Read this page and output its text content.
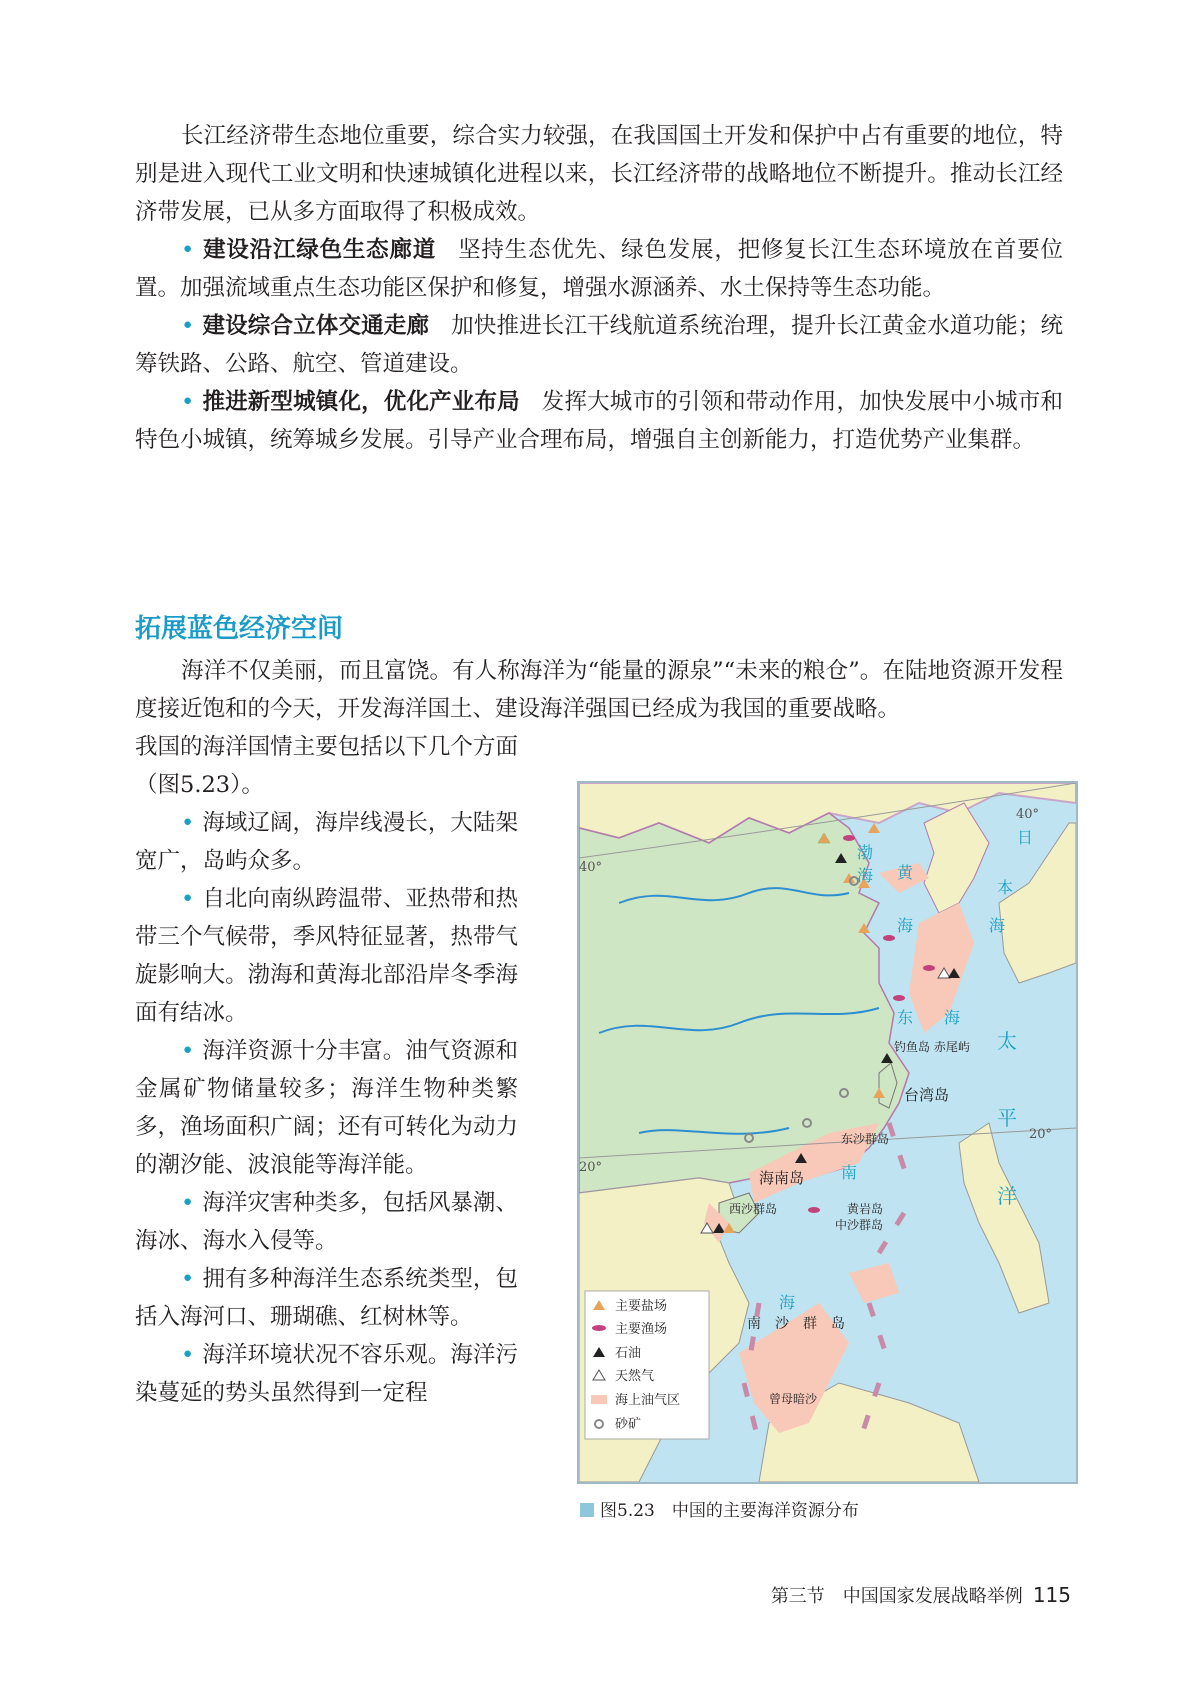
长江经济带生态地位重要，综合实力较强，在我国国土开发和保护中占有重要的地位，特别是进入现代工业文明和快速城镇化进程以来，长江经济带的战略地位不断提升。推动长江经济带发展，已从多方面取得了积极成效。

• 建设沿江绿色生态廊道 坚持生态优先、绿色发展，把修复长江生态环境放在首要位置。加强流域重点生态功能区保护和修复，增强水源涵养、水土保持等生态功能。

• 建设综合立体交通走廊 加快推进长江干线航道系统治理，提升长江黄金水道功能；统筹铁路、公路、航空、管道建设。

• 推进新型城镇化，优化产业布局 发挥大城市的引领和带动作用，加快发展中小城市和特色小城镇，统筹城乡发展。引导产业合理布局，增强自主创新能力，打造优势产业集群。

拓展蓝色经济空间

海洋不仅美丽，而且富饶。有人称海洋为“能量的源泉”“未来的粮仓”。在陆地资源开发程度接近饱和的今天，开发海洋国土、建设海洋强国已经成为我国的重要战略。

我国的海洋国情主要包括以下几个方面（图5.23）。

• 海域辽阔，海岸线漫长，大陆架宽广，岛屿众多。

• 自北向南纵跨温带、亚热带和热带三个气候带，季风特征显著，热带气旋影响大。渤海和黄海北部沿岸冬季海面有结冰。

• 海洋资源十分丰富。油气资源和金属矿物储量较多；海洋生物种类繁多，渔场面积广阔；还有可转化为动力的潮汐能、波浪能等海洋能。

• 海洋灾害种类多，包括风暴潮、海冰、海水入侵等。

• 拥有多种海洋生态系统类型，包括入海河口、珊瑚礁、红树林等。

• 海洋环境状况不容乐观。海洋污染蔓延的势头虽然得到一定程

40°
40°
20°
20°
渤
海 黄
海
东 海
南
海
日
本
海
太
平
洋
钓鱼岛 赤尾屿
台湾岛
东沙群岛
海南岛
西沙群岛	黄岩岛
中沙群岛
南　沙　群　岛
曾母暗沙
主要盐场
主要渔场
石油
天然气
海上油气区
砂矿
图5.23　中国的主要海洋资源分布
第三节　中国国家发展战略举例 115
